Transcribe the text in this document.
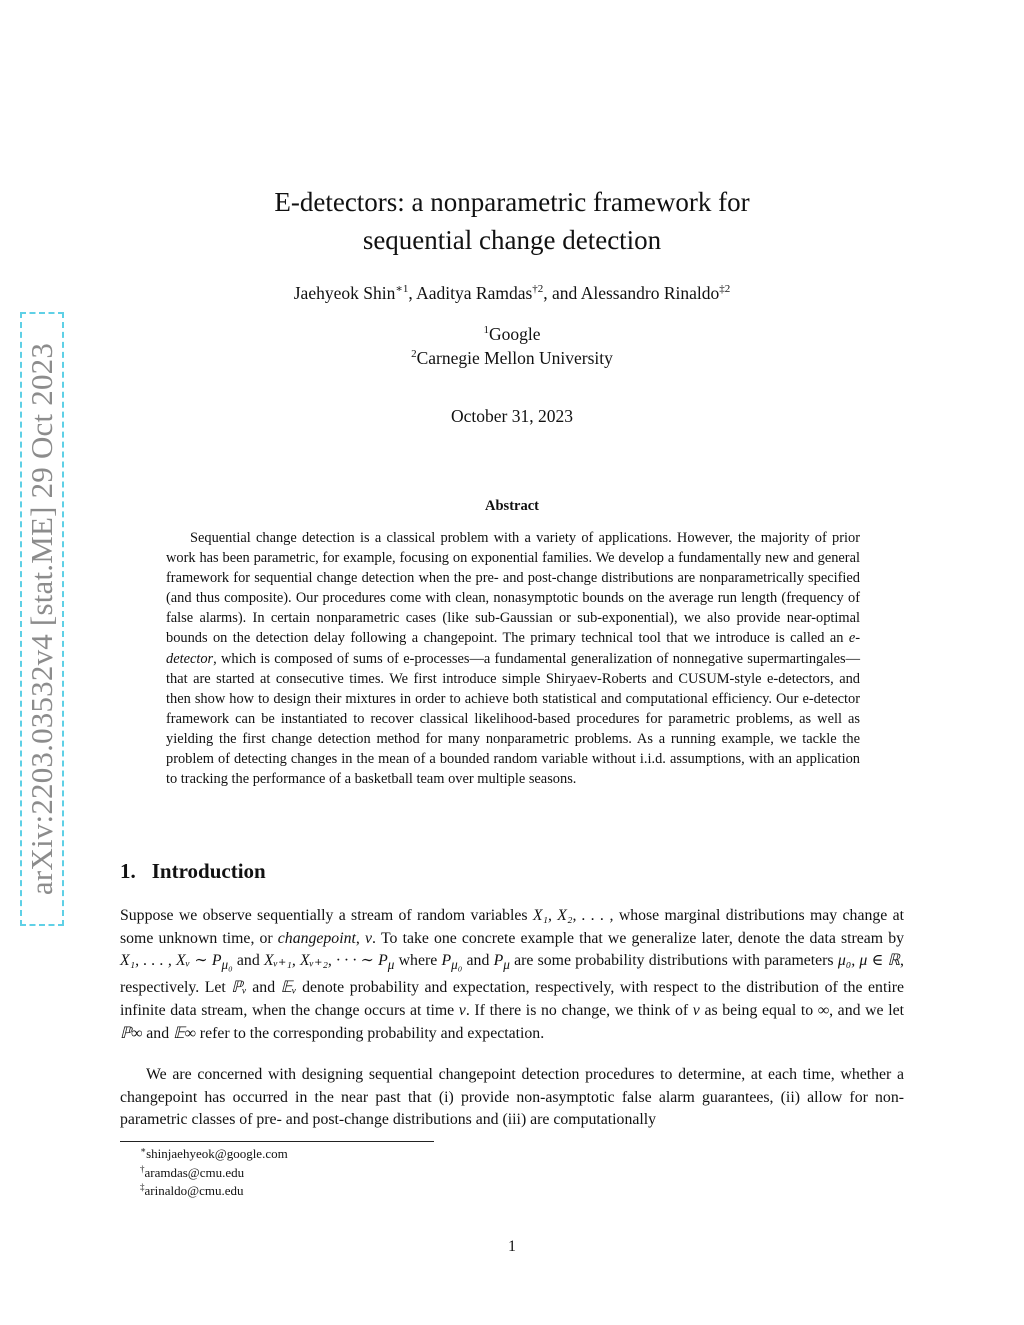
arXiv:2203.03532v4 [stat.ME] 29 Oct 2023
E-detectors: a nonparametric framework for
sequential change detection
Jaehyeok Shin$^{∗1}$, Aaditya Ramdas$^{\dagger 2}$, and Alessandro Rinaldo$^{\ddagger 2}$
$^1$Google
$^2$Carnegie Mellon University
October 31, 2023
Abstract

Sequential change detection is a classical problem with a variety of applications. However, the majority of prior work has been parametric, for example, focusing on exponential families. We develop a fundamentally new and general framework for sequential change detection when the pre- and post-change distributions are nonparametrically specified (and thus composite). Our procedures come with clean, nonasymptotic bounds on the average run length (frequency of false alarms). In certain nonparametric cases (like sub-Gaussian or sub-exponential), we also provide near-optimal bounds on the detection delay following a changepoint. The primary technical tool that we introduce is called an e-detector, which is composed of sums of e-processes—a fundamental generalization of nonnegative supermartingales—that are started at consecutive times. We first introduce simple Shiryaev-Roberts and CUSUM-style e-detectors, and then show how to design their mixtures in order to achieve both statistical and computational efficiency. Our e-detector framework can be instantiated to recover classical likelihood-based procedures for parametric problems, as well as yielding the first change detection method for many nonparametric problems. As a running example, we tackle the problem of detecting changes in the mean of a bounded random variable without i.i.d. assumptions, with an application to tracking the performance of a basketball team over multiple seasons.

1. Introduction

Suppose we observe sequentially a stream of random variables X₁, X₂, . . . , whose marginal distributions may change at some unknown time, or changepoint, ν. To take one concrete example that we generalize later, denote the data stream by X₁, . . . , Xᵥ ∼ $P_{\mu_0}$ and Xᵥ₊₁, Xᵥ₊₂, · · · ∼ $P_\mu$ where $P_{\mu_0}$ and $P_\mu$ are some probability distributions with parameters μ₀, μ ∈ ℝ, respectively. Let ℙᵥ and 𝔼ᵥ denote probability and expectation, respectively, with respect to the distribution of the entire infinite data stream, when the change occurs at time ν. If there is no change, we think of ν as being equal to ∞, and we let ℙ∞ and 𝔼∞ refer to the corresponding probability and expectation.

We are concerned with designing sequential changepoint detection procedures to determine, at each time, whether a changepoint has occurred in the near past that (i) provide non-asymptotic false alarm guarantees, (ii) allow for non-parametric classes of pre- and post-change distributions and (iii) are computationally

∗shinjaehyeok@google.com
†aramdas@cmu.edu
‡arinaldo@cmu.edu
1
